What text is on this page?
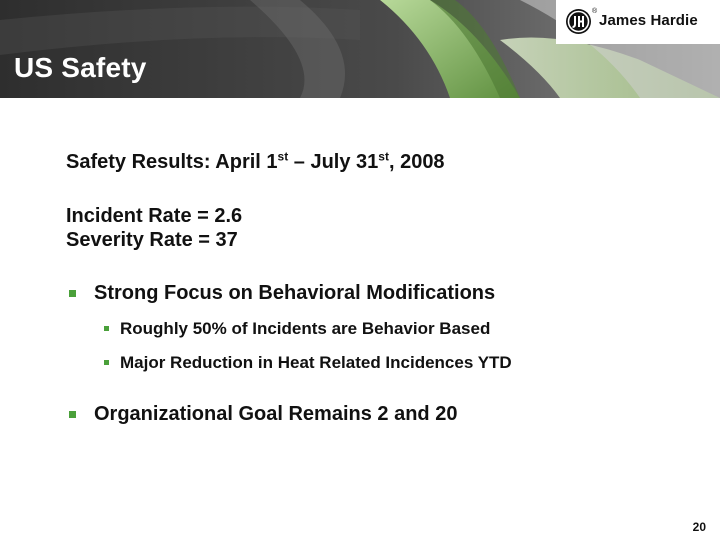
US Safety
®
James Hardie

Safety Results: April 1st – July 31st, 2008

Incident Rate = 2.6

Severity Rate = 37

Strong Focus on Behavioral Modifications
Roughly 50% of Incidents are Behavior Based
Major Reduction in Heat Related Incidences YTD
Organizational Goal Remains 2 and 20
20
